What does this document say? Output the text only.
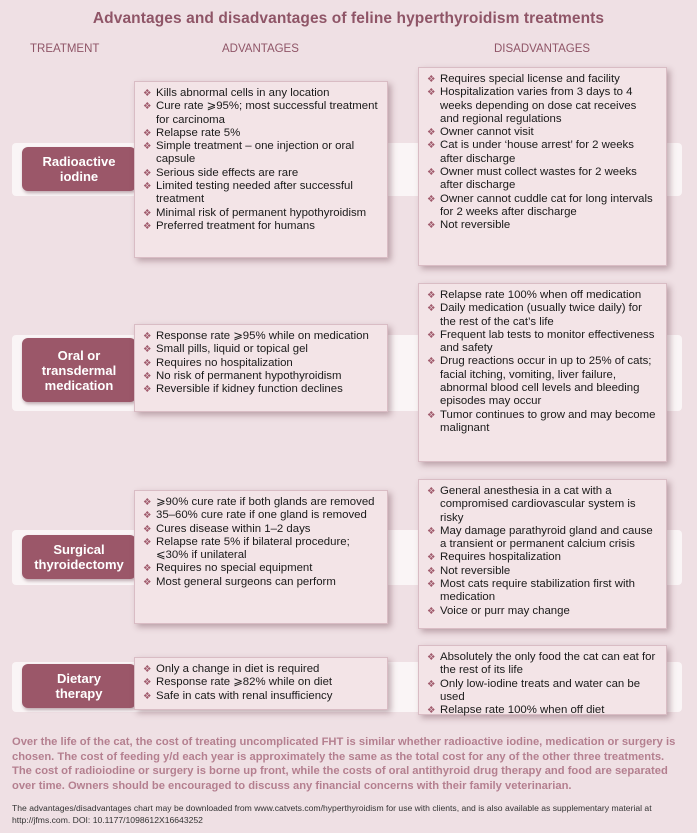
Advantages and disadvantages of feline hyperthyroidism treatments
TREATMENT	ADVANTAGES	DISADVANTAGES
Radioactive
iodine
❖ Kills abnormal cells in any location
❖ Cure rate ⩾95%; most successful treatment for carcinoma
❖ Relapse rate 5%
❖ Simple treatment – one injection or oral capsule
❖ Serious side effects are rare
❖ Limited testing needed after successful treatment
❖ Minimal risk of permanent hypothyroidism
❖ Preferred treatment for humans
❖ Requires special license and facility
❖ Hospitalization varies from 3 days to 4 weeks depending on dose cat receives and regional regulations
❖ Owner cannot visit
❖ Cat is under ‘house arrest’ for 2 weeks after discharge
❖ Owner must collect wastes for 2 weeks after discharge
❖ Owner cannot cuddle cat for long intervals for 2 weeks after discharge
❖ Not reversible
Oral or
transdermal
medication
❖ Response rate ⩾95% while on medication
❖ Small pills, liquid or topical gel
❖ Requires no hospitalization
❖ No risk of permanent hypothyroidism
❖ Reversible if kidney function declines
❖ Relapse rate 100% when off medication
❖ Daily medication (usually twice daily) for the rest of the cat’s life
❖ Frequent lab tests to monitor effectiveness and safety
❖ Drug reactions occur in up to 25% of cats; facial itching, vomiting, liver failure, abnormal blood cell levels and bleeding episodes may occur
❖ Tumor continues to grow and may become malignant
Surgical
thyroidectomy
❖ ⩾90% cure rate if both glands are removed
❖ 35–60% cure rate if one gland is removed
❖ Cures disease within 1–2 days
❖ Relapse rate 5% if bilateral procedure; ⩽30% if unilateral
❖ Requires no special equipment
❖ Most general surgeons can perform
❖ General anesthesia in a cat with a compromised cardiovascular system is risky
❖ May damage parathyroid gland and cause a transient or permanent calcium crisis
❖ Requires hospitalization
❖ Not reversible
❖ Most cats require stabilization first with medication
❖ Voice or purr may change
Dietary
therapy
❖ Only a change in diet is required
❖ Response rate ⩾82% while on diet
❖ Safe in cats with renal insufficiency
❖ Absolutely the only food the cat can eat for the rest of its life
❖ Only low-iodine treats and water can be used
❖ Relapse rate 100% when off diet
Over the life of the cat, the cost of treating uncomplicated FHT is similar whether radioactive iodine, medication or surgery is chosen. The cost of feeding y/d each year is approximately the same as the total cost for any of the other three treatments. The cost of radioiodine or surgery is borne up front, while the costs of oral antithyroid drug therapy and food are separated over time. Owners should be encouraged to discuss any financial concerns with their family veterinarian.
The advantages/disadvantages chart may be downloaded from www.catvets.com/hyperthyroidism for use with clients, and is also available as supplementary material at http://jfms.com. DOI: 10.1177/1098612X16643252
